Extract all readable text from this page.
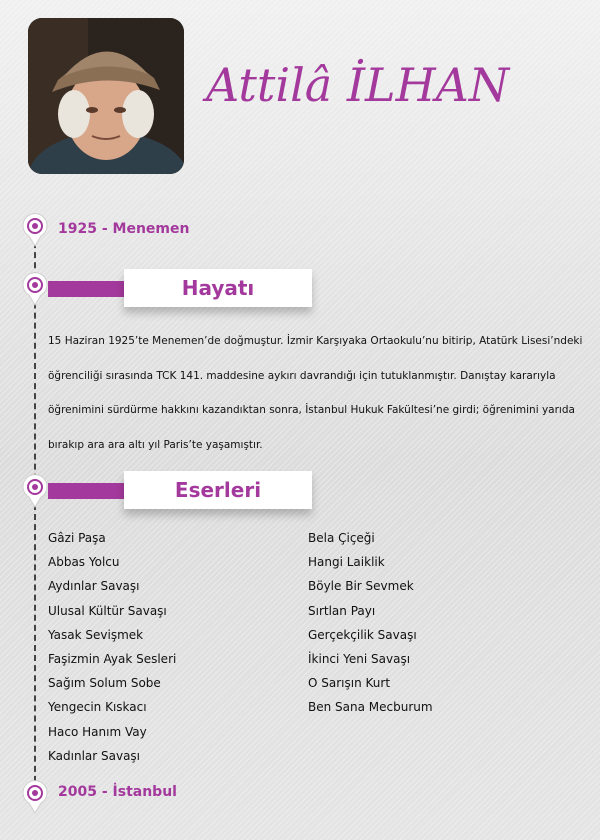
Attilâ İLHAN
1925 - Menemen
Hayatı

15 Haziran 1925’te Menemen’de doğmuştur. İzmir Karşıyaka Ortaokulu’nu bitirip, Atatürk Lisesi’ndeki öğrenciliği sırasında TCK 141. maddesine aykırı davrandığı için tutuklanmıştır. Danıştay kararıyla öğrenimini sürdürme hakkını kazandıktan sonra, İstanbul Hukuk Fakültesi’ne girdi; öğrenimini yarıda bırakıp ara ara altı yıl Paris’te yaşamıştır.

Eserleri
Gâzi Paşa
Abbas Yolcu
Aydınlar Savaşı
Ulusal Kültür Savaşı
Yasak Sevişmek
Faşizmin Ayak Sesleri
Sağım Solum Sobe
Yengecin Kıskacı
Haco Hanım Vay
Kadınlar Savaşı
Bela Çiçeği
Hangi Laiklik
Böyle Bir Sevmek
Sırtlan Payı
Gerçekçilik Savaşı
İkinci Yeni Savaşı
O Sarışın Kurt
Ben Sana Mecburum
2005 - İstanbul
